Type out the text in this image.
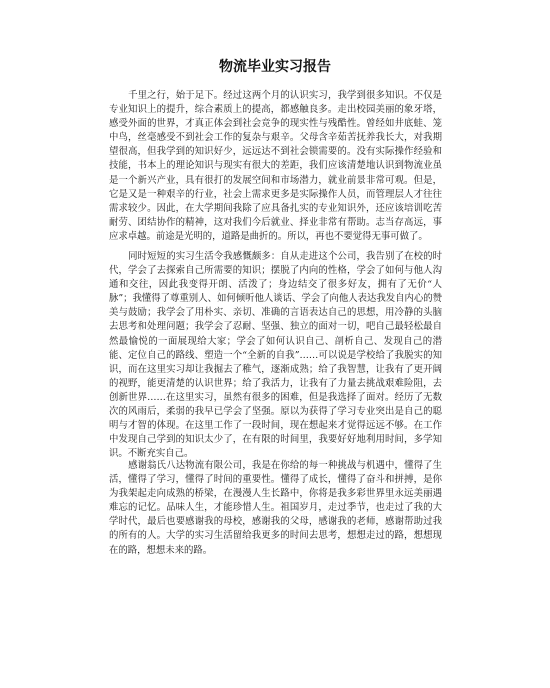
物流毕业实习报告

千里之行，始于足下。经过这两个月的认识实习，我学到很多知识。不仅是专业知识上的提升，综合素质上的提高，都感触良多。走出校园美丽的象牙塔，感受外面的世界，才真正体会到社会竞争的现实性与残酷性。曾经如井底蛙、笼中鸟，丝毫感受不到社会工作的复杂与艰辛。父母含辛茹苦抚养我长大，对我期望很高，但我学到的知识好少，远远达不到社会锁需要的。没有实际操作经验和技能，书本上的理论知识与现实有很大的差距，我们应该清楚地认识到物流业虽是一个新兴产业，具有很打的发展空间和市场潜力，就业前景非常可观。但是，它是又是一种艰辛的行业，社会上需求更多是实际操作人员，而管理层人才往往需求较少。因此，在大学期间我除了应具备扎实的专业知识外，还应该培训吃苦耐劳、团结协作的精神，这对我们今后就业、择业非常有帮助。志当存高远，事应求卓越。前途是光明的，道路是曲折的。所以，再也不要觉得无事可做了。

同时短短的实习生活令我感慨颇多：自从走进这个公司，我告别了在校的时代，学会了去探索自己所需要的知识；摆脱了内向的性格，学会了如何与他人沟通和交往，因此我变得开朗、活泼了；身边结交了很多好友，拥有了无价“人脉”；我懂得了尊重别人、如何倾听他人谈话、学会了向他人表达我发自内心的赞美与鼓励；我学会了用朴实、亲切、准确的言语表达自己的思想，用冷静的头脑去思考和处理问题；我学会了忍耐、坚强、独立的面对一切，吧自己最轻松最自然最愉悦的一面展现给大家；学会了如何认识自己、剖析自己、发现自己的潜能、定位自己的路线、塑造一个“全新的自我”……可以说是学校给了我脱实的知识，而在这里实习却让我掘去了稚气，逐渐成熟；给了我智慧，让我有了更开阔的视野，能更清楚的认识世界；给了我活力，让我有了力量去挑战艰难险阻，去创新世界……在这里实习，虽然有很多的困难，但是我选择了面对。经历了无数次的风雨后，柔弱的我早已学会了坚强。原以为获得了学习专业突出是自己的聪明与才智的体现。在这里工作了一段时间，现在想起来才觉得远远不够。在工作中发现自己学到的知识太少了，在有限的时间里，我要好好地利用时间，多学知识。不断充实自己。

感谢翁氏八达物流有限公司，我是在你给的每一种挑战与机遇中，懂得了生活，懂得了学习，懂得了时间的重要性。懂得了成长，懂得了奋斗和拼搏，是你为我架起走向成熟的桥梁，在漫漫人生长路中，你将是我多彩世界里永远美丽遇难忘的记忆。品味人生，才能珍惜人生。祖国岁月，走过季节，也走过了我的大学时代，最后也要感谢我的母校，感谢我的父母，感谢我的老师，感谢帮助过我的所有的人。大学的实习生活留给我更多的时间去思考，想想走过的路，想想现在的路，想想未来的路。
